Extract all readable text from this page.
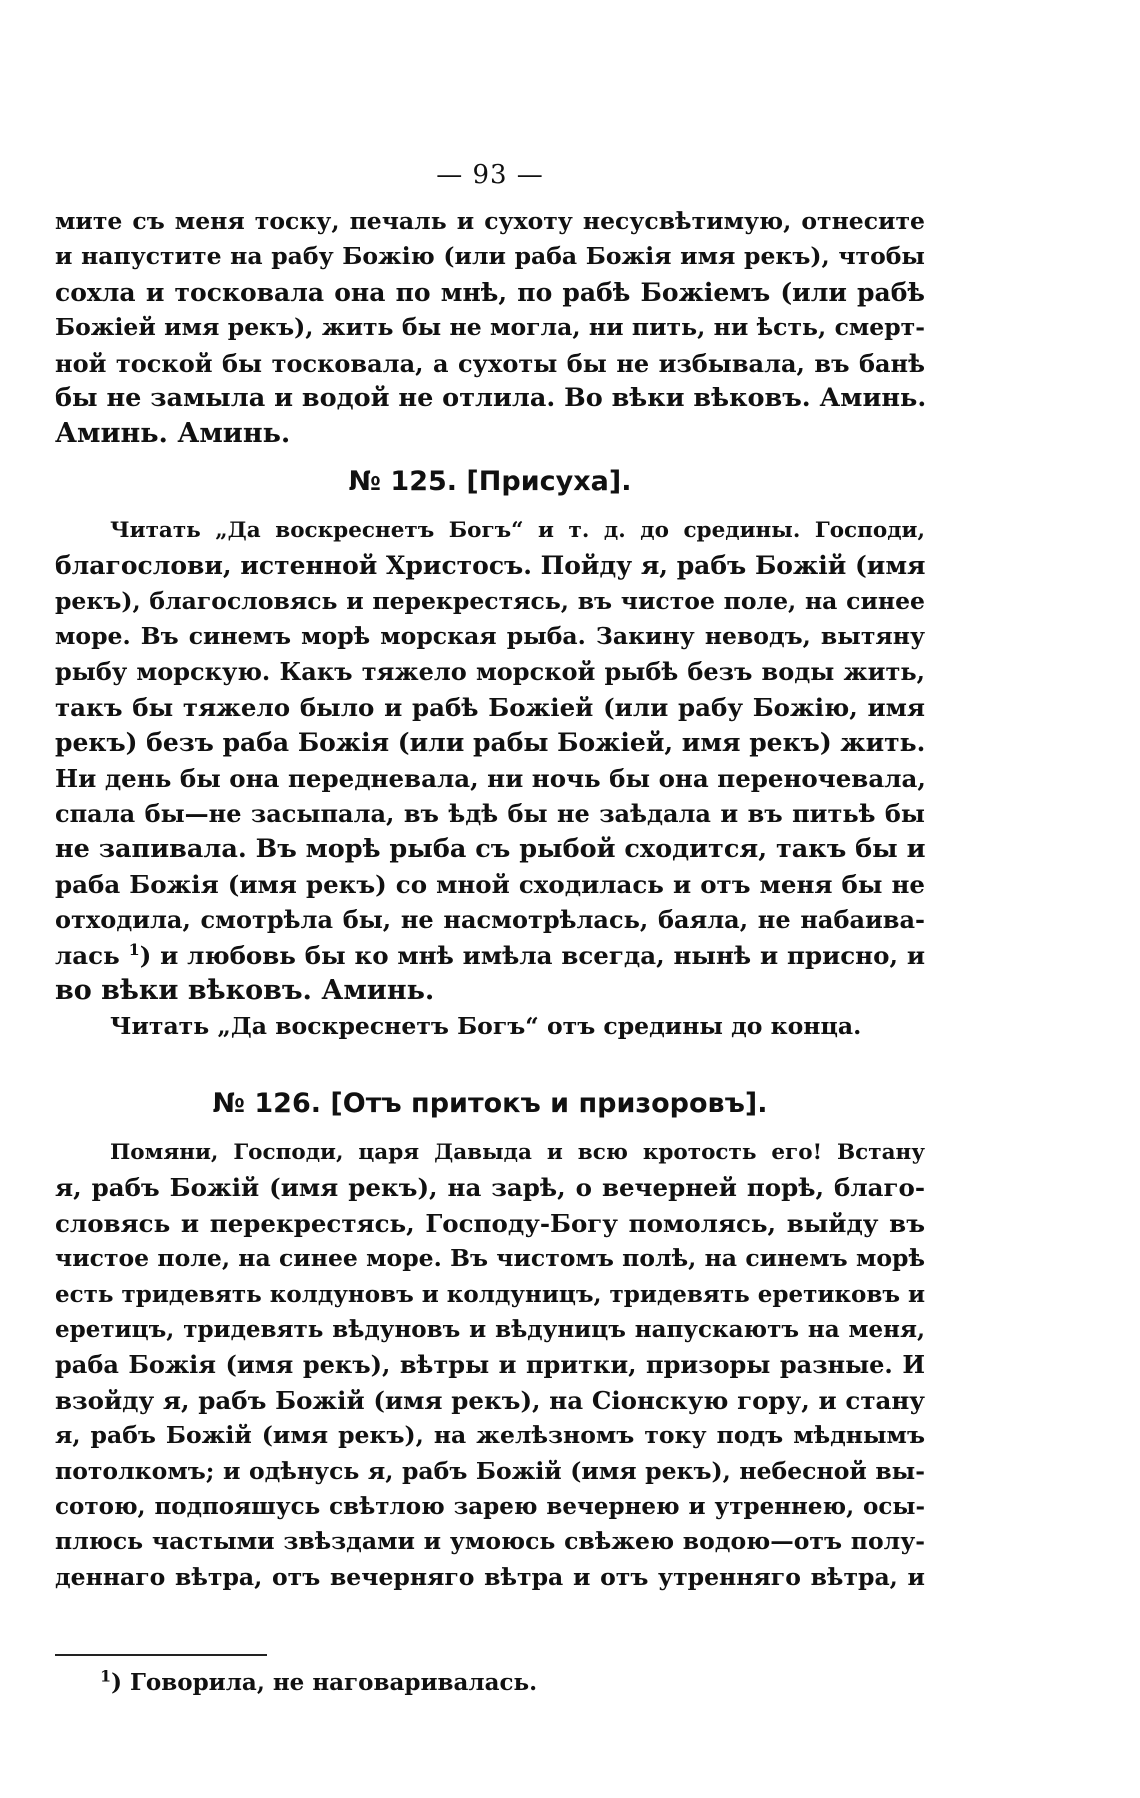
— 93 —

мите съ меня тоску, печаль и сухоту несусвѣтимую, отнесите
и напустите на рабу Божію (или раба Божія имя рекъ), чтобы
сохла и тосковала она по мнѣ, по рабѣ Божіемъ (или рабѣ
Божіей имя рекъ), жить бы не могла, ни пить, ни ѣсть, смерт-
ной тоской бы тосковала, а сухоты бы не избывала, въ банѣ
бы не замыла и водой не отлила. Во вѣки вѣковъ. Аминь.
Аминь. Аминь.

№ 125. [Присуха].

Читать „Да воскреснетъ Богъ“ и т. д. до средины. Господи,
благослови, истенной Христосъ. Пойду я, рабъ Божій (имя
рекъ), благословясь и перекрестясь, въ чистое поле, на синее
море. Въ синемъ морѣ морская рыба. Закину неводъ, вытяну
рыбу морскую. Какъ тяжело морской рыбѣ безъ воды жить,
такъ бы тяжело было и рабѣ Божіей (или рабу Божію, имя
рекъ) безъ раба Божія (или рабы Божіей, имя рекъ) жить.
Ни день бы она передневала, ни ночь бы она переночевала,
спала бы—не засыпала, въ ѣдѣ бы не заѣдала и въ питьѣ бы
не запивала. Въ морѣ рыба съ рыбой сходится, такъ бы и
раба Божія (имя рекъ) со мной сходилась и отъ меня бы не
отходила, смотрѣла бы, не насмотрѣлась, баяла, не набаива-
лась $^1$) и любовь бы ко мнѣ имѣла всегда, нынѣ и присно, и
во вѣки вѣковъ. Аминь.
Читать „Да воскреснетъ Богъ“ отъ средины до конца.

№ 126. [Отъ притокъ и призоровъ].

Помяни, Господи, царя Давыда и всю кротость его! Встану
я, рабъ Божій (имя рекъ), на зарѣ, о вечерней порѣ, благо-
словясь и перекрестясь, Господу-Богу помолясь, выйду въ
чистое поле, на синее море. Въ чистомъ полѣ, на синемъ морѣ
есть тридевять колдуновъ и колдуницъ, тридевять еретиковъ и
еретицъ, тридевять вѣдуновъ и вѣдуницъ напускаютъ на меня,
раба Божія (имя рекъ), вѣтры и притки, призоры разные. И
взойду я, рабъ Божій (имя рекъ), на Сіонскую гору, и стану
я, рабъ Божій (имя рекъ), на желѣзномъ току подъ мѣднымъ
потолкомъ; и одѣнусь я, рабъ Божій (имя рекъ), небесной вы-
сотою, подпояшусь свѣтлою зарею вечернею и утреннею, осы-
плюсь частыми звѣздами и умоюсь свѣжею водою—отъ полу-
деннаго вѣтра, отъ вечерняго вѣтра и отъ утренняго вѣтра, и

$^1$) Говорила, не наговаривалась.
